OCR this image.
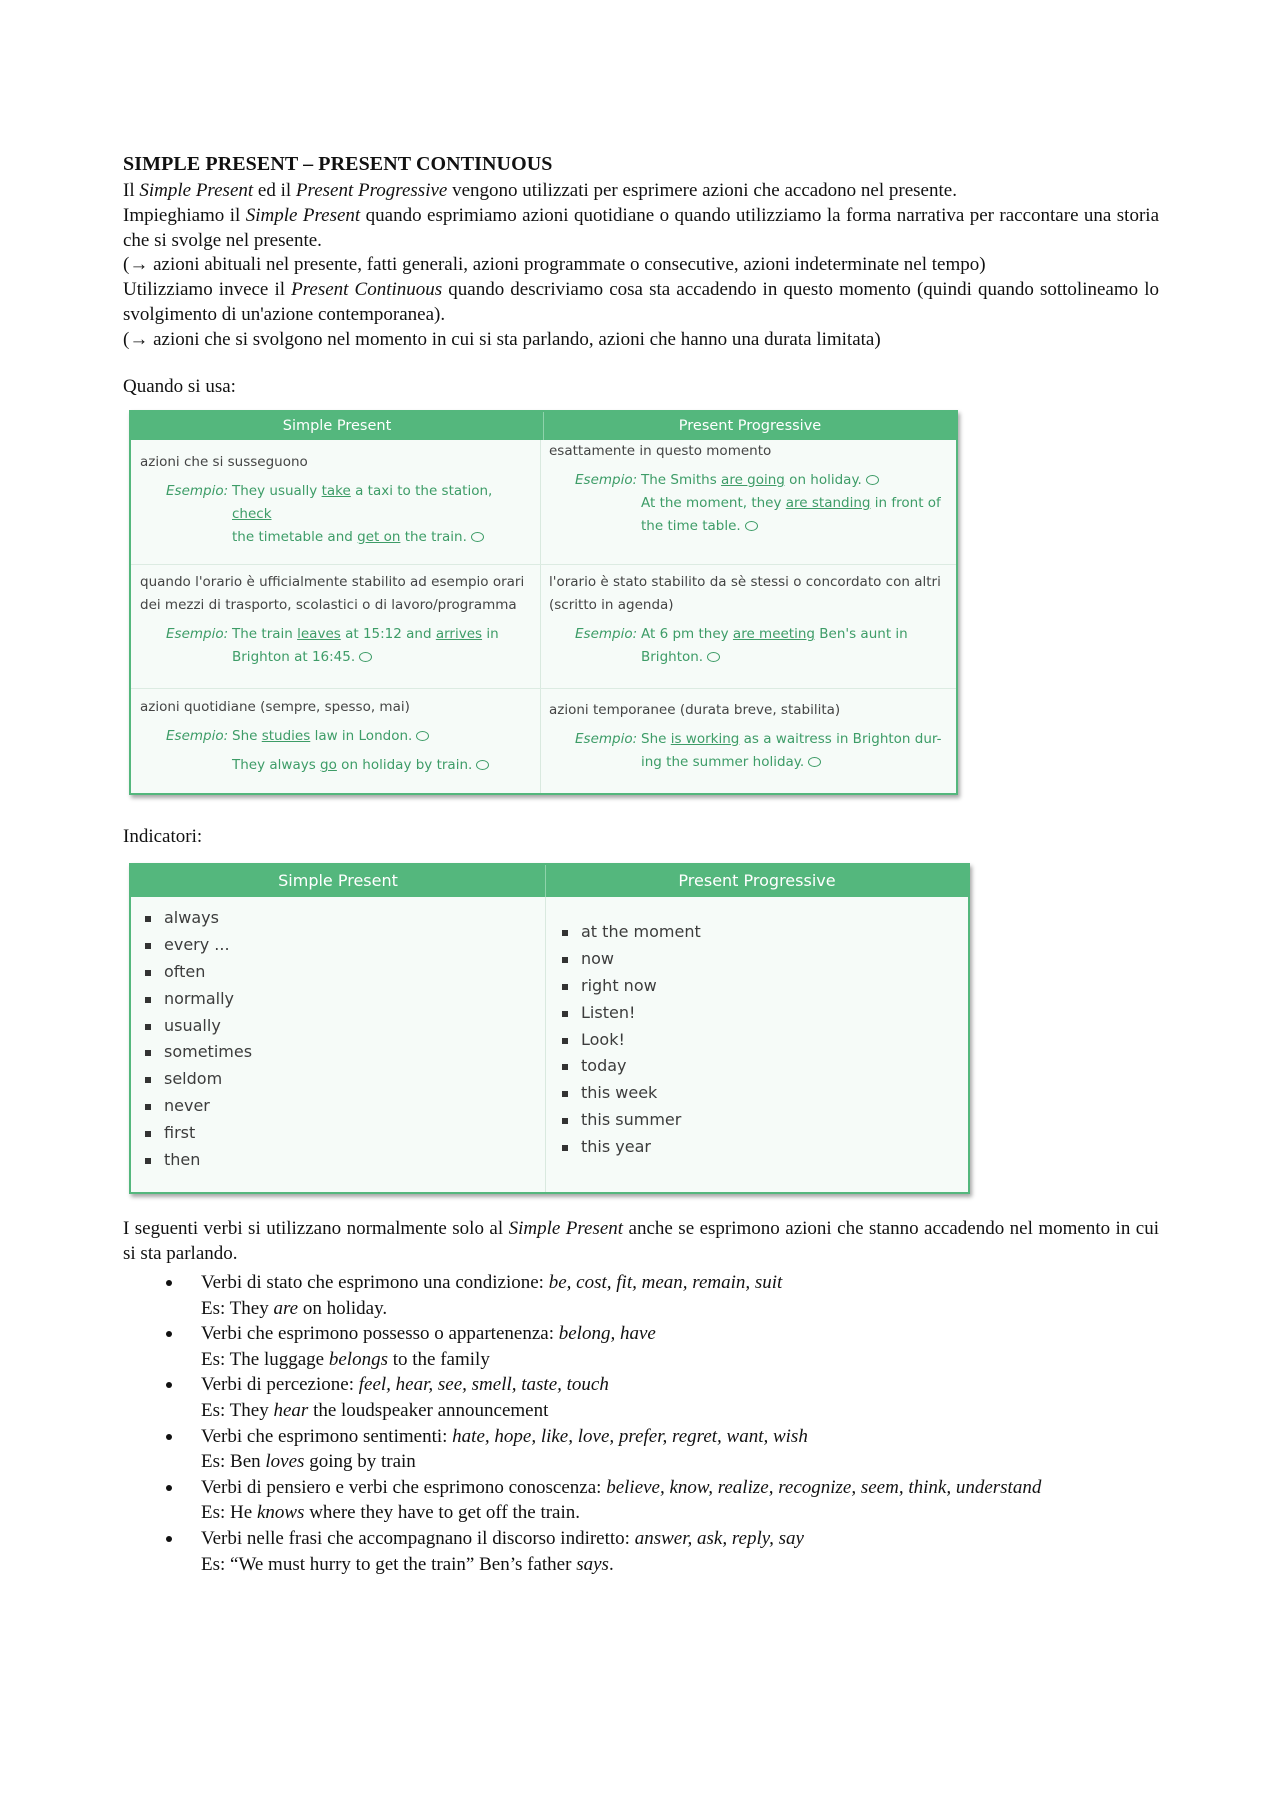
SIMPLE PRESENT – PRESENT CONTINUOUS

Il Simple Present ed il Present Progressive vengono utilizzati per esprimere azioni che accadono nel presente.

Impieghiamo il Simple Present quando esprimiamo azioni quotidiane o quando utilizziamo la forma narrativa per raccontare una storia che si svolge nel presente.

(→ azioni abituali nel presente, fatti generali, azioni programmate o consecutive, azioni indeterminate nel tempo)

Utilizziamo invece il Present Continuous quando descriviamo cosa sta accadendo in questo momento (quindi quando sottolineamo lo svolgimento di un'azione contemporanea).

(→ azioni che si svolgono nel momento in cui si sta parlando, azioni che hanno una durata limitata)

Quando si usa:
Simple Present	Present Progressive
azioni che si susseguono
Esempio: They usually take a taxi to the station, check
the timetable and get on the train.
esattamente in questo momento
Esempio: The Smiths are going on holiday.
At the moment, they are standing in front of
the time table.
quando l'orario è ufficialmente stabilito ad esempio orari
dei mezzi di trasporto, scolastici o di lavoro/programma
Esempio: The train leaves at 15:12 and arrives in
Brighton at 16:45.
l'orario è stato stabilito da sè stessi o concordato con altri
(scritto in agenda)
Esempio: At 6 pm they are meeting Ben's aunt in
Brighton.
azioni quotidiane (sempre, spesso, mai)
Esempio: She studies law in London.
They always go on holiday by train.
azioni temporanee (durata breve, stabilita)
Esempio: She is working as a waitress in Brighton dur-
ing the summer holiday.
Indicatori:
Simple Present	Present Progressive
always
every ...
often
normally
usually
sometimes
seldom
never
first
then
at the moment
now
right now
Listen!
Look!
today
this week
this summer
this year
I seguenti verbi si utilizzano normalmente solo al Simple Present anche se esprimono azioni che stanno accadendo nel momento in cui si sta parlando.
Verbi di stato che esprimono una condizione: be, cost, fit, mean, remain, suit
Es: They are on holiday.
Verbi che esprimono possesso o appartenenza: belong, have
Es: The luggage belongs to the family
Verbi di percezione: feel, hear, see, smell, taste, touch
Es: They hear the loudspeaker announcement
Verbi che esprimono sentimenti: hate, hope, like, love, prefer, regret, want, wish
Es: Ben loves going by train
Verbi di pensiero e verbi che esprimono conoscenza: believe, know, realize, recognize, seem, think, understand
Es: He knows where they have to get off the train.
Verbi nelle frasi che accompagnano il discorso indiretto: answer, ask, reply, say
Es: “We must hurry to get the train” Ben’s father says.
